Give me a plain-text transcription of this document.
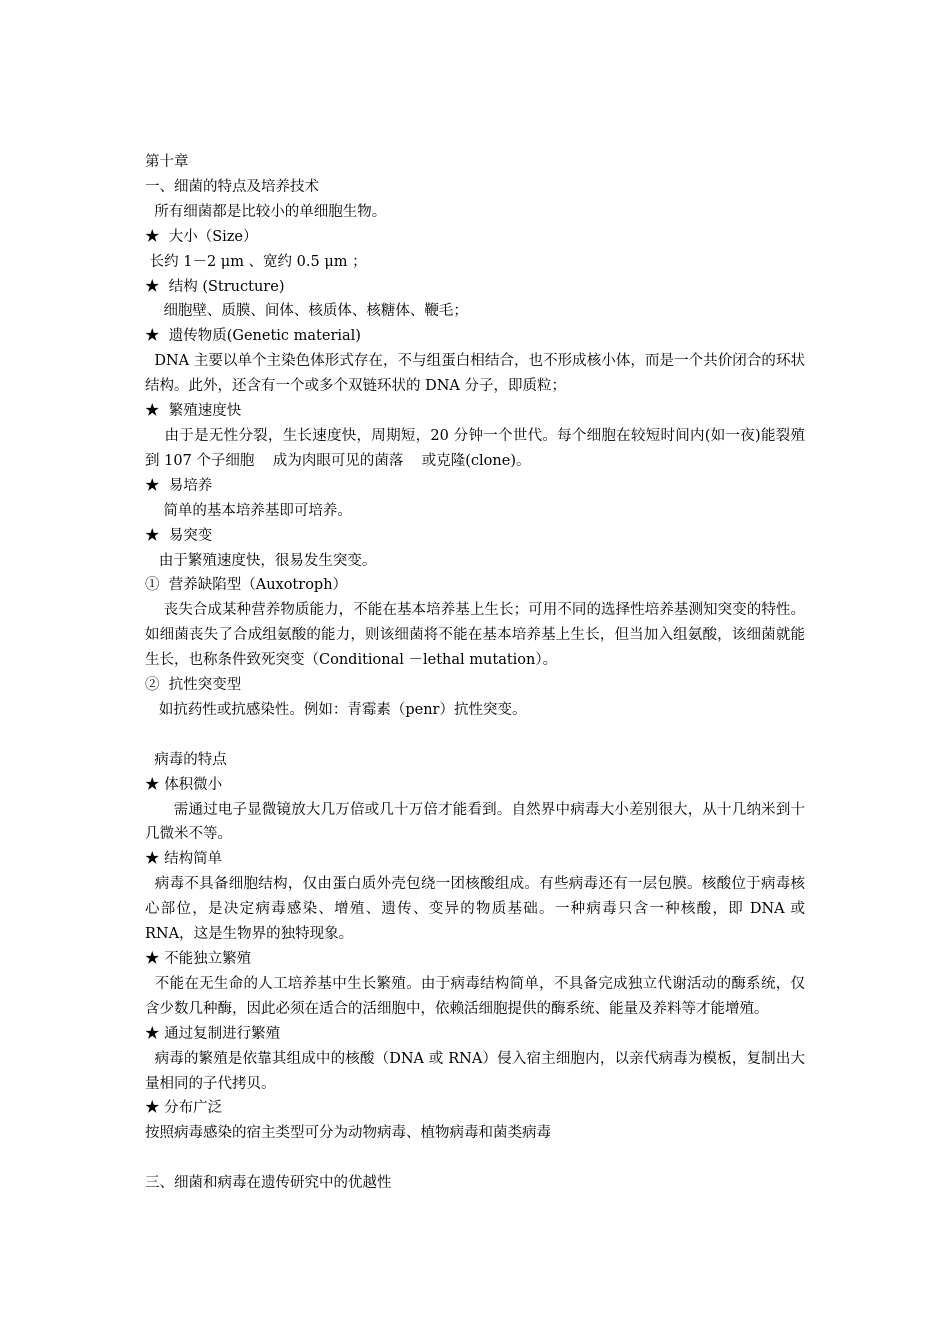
第十章

一、细菌的特点及培养技术

所有细菌都是比较小的单细胞生物。

★  大小（Size）

长约 1－2 μm 、宽约 0.5 μm ；

★  结构 (Structure)

细胞壁、质膜、间体、核质体、核糖体、鞭毛；

★  遗传物质(Genetic material)

DNA 主要以单个主染色体形式存在，不与组蛋白相结合，也不形成核小体，而是一个共价闭合的环状结构。此外，还含有一个或多个双链环状的 DNA 分子，即质粒；

★  繁殖速度快

由于是无性分裂，生长速度快，周期短，20 分钟一个世代。每个细胞在较短时间内(如一夜)能裂殖到 107 个子细胞    成为肉眼可见的菌落    或克隆(clone)。

★  易培养

简单的基本培养基即可培养。

★  易突变

由于繁殖速度快，很易发生突变。

①  营养缺陷型（Auxotroph）

丧失合成某种营养物质能力，不能在基本培养基上生长；可用不同的选择性培养基测知突变的特性。如细菌丧失了合成组氨酸的能力，则该细菌将不能在基本培养基上生长，但当加入组氨酸，该细菌就能生长，也称条件致死突变（Conditional －lethal mutation）。

②  抗性突变型

如抗药性或抗感染性。例如：青霉素（penr）抗性突变。

病毒的特点

★ 体积微小

需通过电子显微镜放大几万倍或几十万倍才能看到。自然界中病毒大小差别很大，从十几纳米到十几微米不等。

★ 结构简单

病毒不具备细胞结构，仅由蛋白质外壳包绕一团核酸组成。有些病毒还有一层包膜。核酸位于病毒核心部位，是决定病毒感染、增殖、遗传、变异的物质基础。一种病毒只含一种核酸，即 DNA 或 RNA，这是生物界的独特现象。

★ 不能独立繁殖

不能在无生命的人工培养基中生长繁殖。由于病毒结构简单，不具备完成独立代谢活动的酶系统，仅含少数几种酶，因此必须在适合的活细胞中，依赖活细胞提供的酶系统、能量及养料等才能增殖。

★ 通过复制进行繁殖

病毒的繁殖是依靠其组成中的核酸（DNA 或 RNA）侵入宿主细胞内，以亲代病毒为模板，复制出大量相同的子代拷贝。

★ 分布广泛

按照病毒感染的宿主类型可分为动物病毒、植物病毒和菌类病毒

三、细菌和病毒在遗传研究中的优越性
